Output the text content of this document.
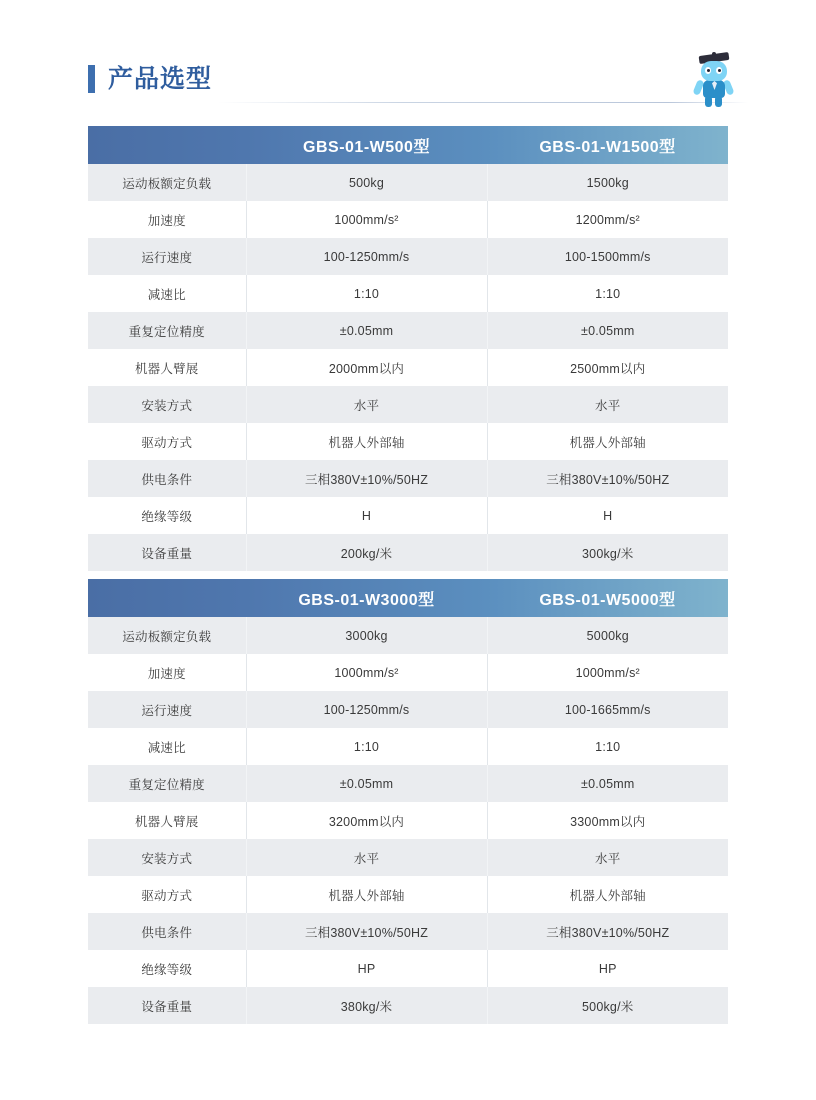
产品选型
	GBS-01-W500型	GBS-01-W1500型
运动板额定负载	500kg	1500kg
加速度	1000mm/s²	1200mm/s²
运行速度	100-1250mm/s	100-1500mm/s
减速比	1:10	1:10
重复定位精度	±0.05mm	±0.05mm
机器人臂展	2000mm以内	2500mm以内
安装方式	水平	水平
驱动方式	机器人外部轴	机器人外部轴
供电条件	三相380V±10%/50HZ	三相380V±10%/50HZ
绝缘等级	H	H
设备重量	200kg/米	300kg/米
	GBS-01-W3000型	GBS-01-W5000型
运动板额定负载	3000kg	5000kg
加速度	1000mm/s²	1000mm/s²
运行速度	100-1250mm/s	100-1665mm/s
减速比	1:10	1:10
重复定位精度	±0.05mm	±0.05mm
机器人臂展	3200mm以内	3300mm以内
安装方式	水平	水平
驱动方式	机器人外部轴	机器人外部轴
供电条件	三相380V±10%/50HZ	三相380V±10%/50HZ
绝缘等级	HP	HP
设备重量	380kg/米	500kg/米
